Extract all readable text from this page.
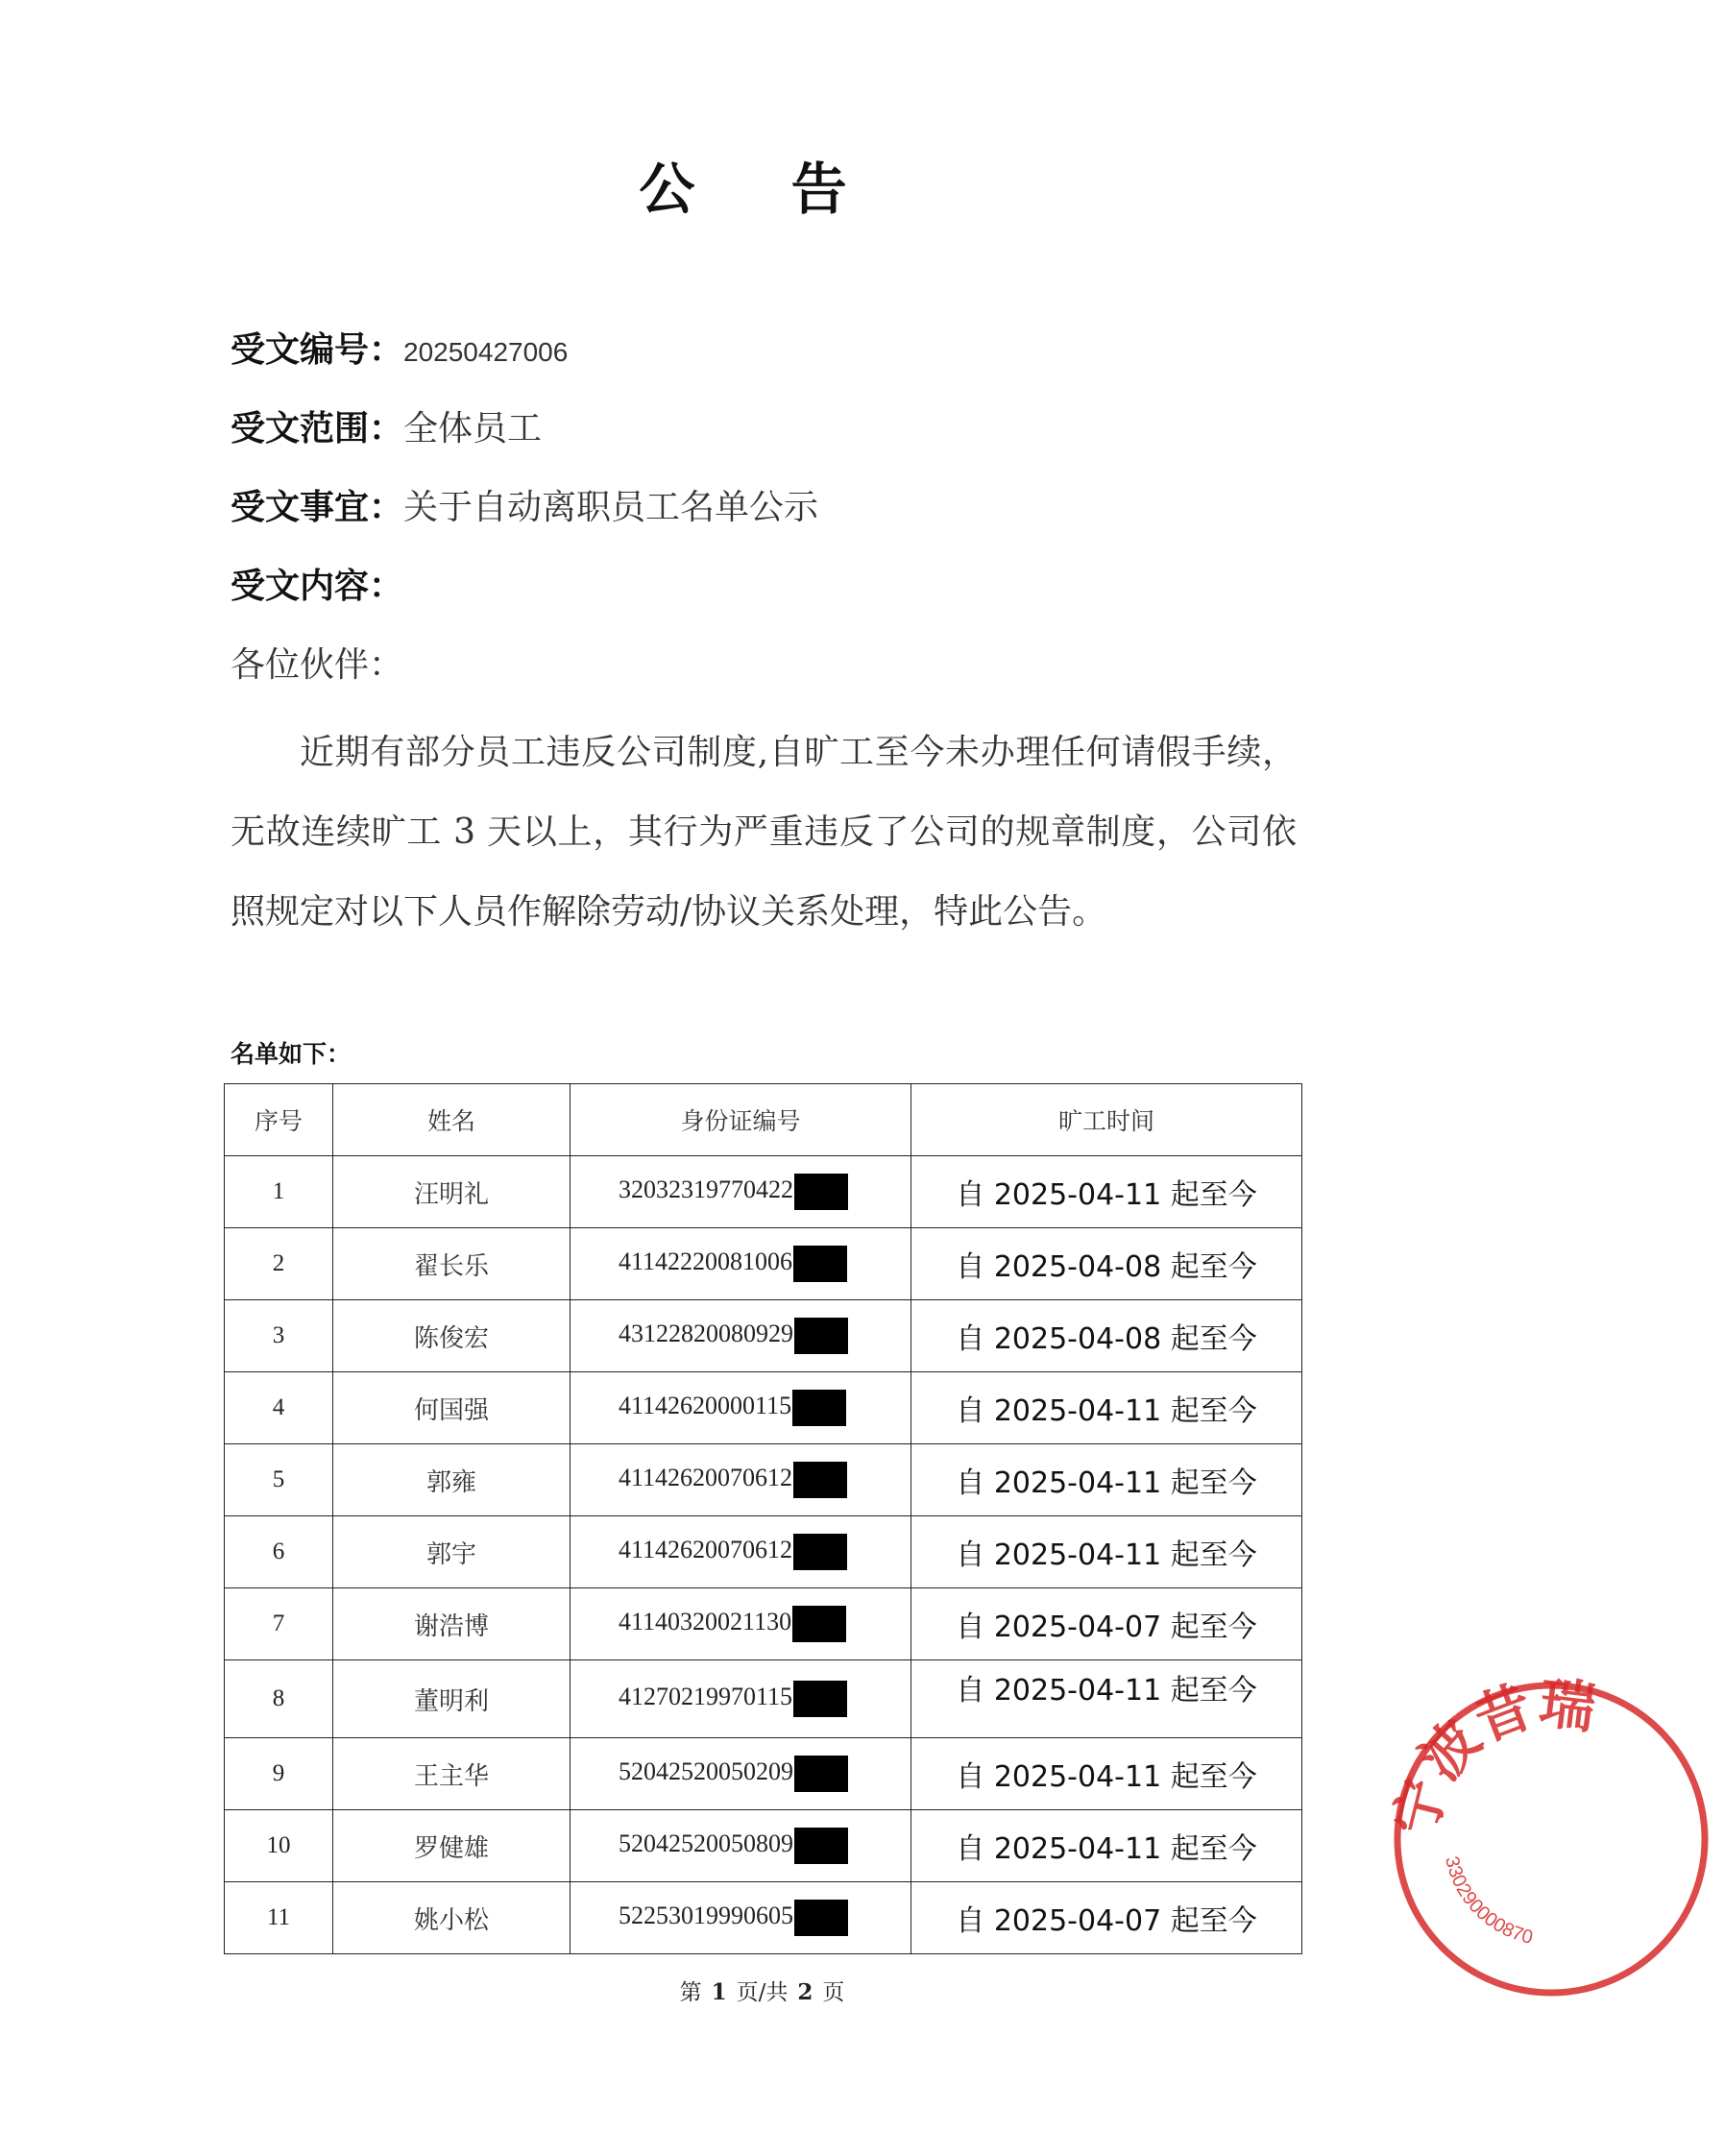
公 告
受文编号：20250427006
受文范围：全体员工
受文事宜：关于自动离职员工名单公示
受文内容：
各位伙伴：
近期有部分员工违反公司制度,自旷工至今未办理任何请假手续，无故连续旷工 3 天以上，其行为严重违反了公司的规章制度，公司依照规定对以下人员作解除劳动/协议关系处理，特此公告。
名单如下：
序号	姓名	身份证编号	旷工时间
1	汪明礼	32032319770422	自 2025-04-11 起至今
2	翟长乐	41142220081006	自 2025-04-08 起至今
3	陈俊宏	43122820080929	自 2025-04-08 起至今
4	何国强	41142620000115	自 2025-04-11 起至今
5	郭雍	41142620070612	自 2025-04-11 起至今
6	郭宇	41142620070612	自 2025-04-11 起至今
7	谢浩博	41140320021130	自 2025-04-07 起至今
8	董明利	41270219970115	自 2025-04-11 起至今
9	王主华	52042520050209	自 2025-04-11 起至今
10	罗健雄	52042520050809	自 2025-04-11 起至今
11	姚小松	52253019990605	自 2025-04-07 起至今
第 1 页/共 2 页
宁波昔瑞
330290000870
